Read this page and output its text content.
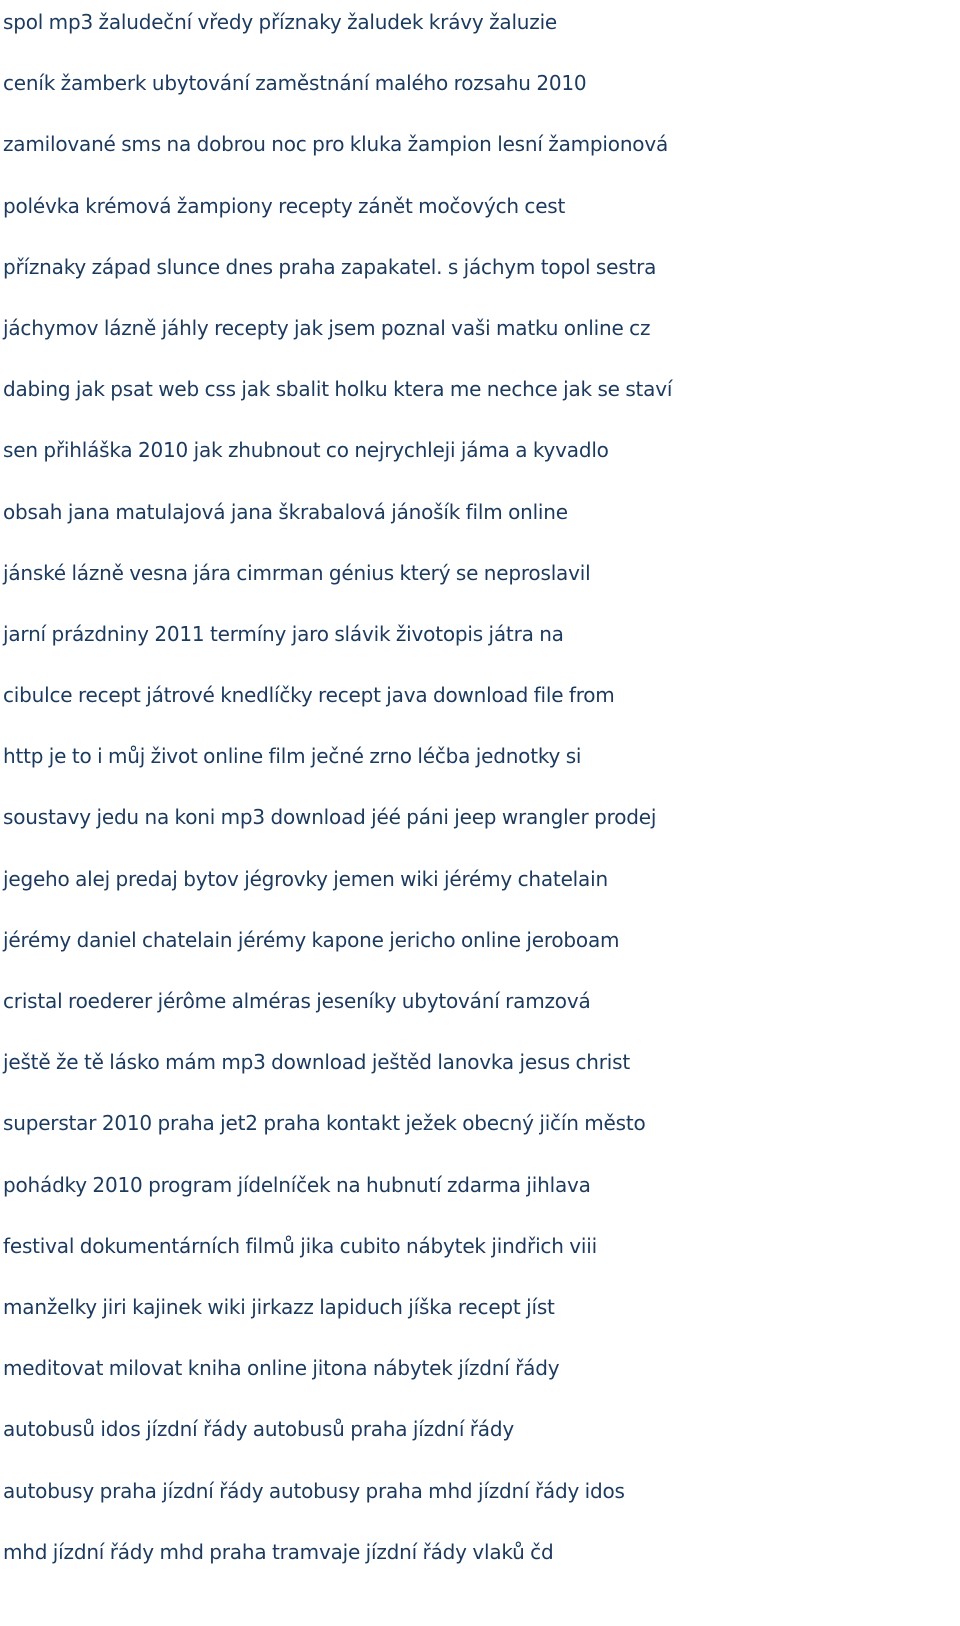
spol mp3 žaludeční vředy příznaky žaludek krávy žaluzie
ceník žamberk ubytování zaměstnání malého rozsahu 2010
zamilované sms na dobrou noc pro kluka žampion lesní žampionová
polévka krémová žampiony recepty zánět močových cest
příznaky západ slunce dnes praha zapakatel. s jáchym topol sestra
jáchymov lázně jáhly recepty jak jsem poznal vaši matku online cz
dabing jak psat web css jak sbalit holku ktera me nechce jak se staví
sen přihláška 2010 jak zhubnout co nejrychleji jáma a kyvadlo
obsah jana matulajová jana škrabalová jánošík film online
jánské lázně vesna jára cimrman génius který se neproslavil
jarní prázdniny 2011 termíny jaro slávik životopis játra na
cibulce recept játrové knedlíčky recept java download file from
http je to i můj život online film ječné zrno léčba jednotky si
soustavy jedu na koni mp3 download jéé páni jeep wrangler prodej
jegeho alej predaj bytov jégrovky jemen wiki jérémy chatelain
jérémy daniel chatelain jérémy kapone jericho online jeroboam
cristal roederer jérôme alméras jeseníky ubytování ramzová
ještě že tě lásko mám mp3 download ještěd lanovka jesus christ
superstar 2010 praha jet2 praha kontakt ježek obecný jičín město
pohádky 2010 program jídelníček na hubnutí zdarma jihlava
festival dokumentárních filmů jika cubito nábytek jindřich viii
manželky jiri kajinek wiki jirkazz lapiduch jíška recept jíst
meditovat milovat kniha online jitona nábytek jízdní řády
autobusů idos jízdní řády autobusů praha jízdní řády
autobusy praha jízdní řády autobusy praha mhd jízdní řády idos
mhd jízdní řády mhd praha tramvaje jízdní řády vlaků čd
